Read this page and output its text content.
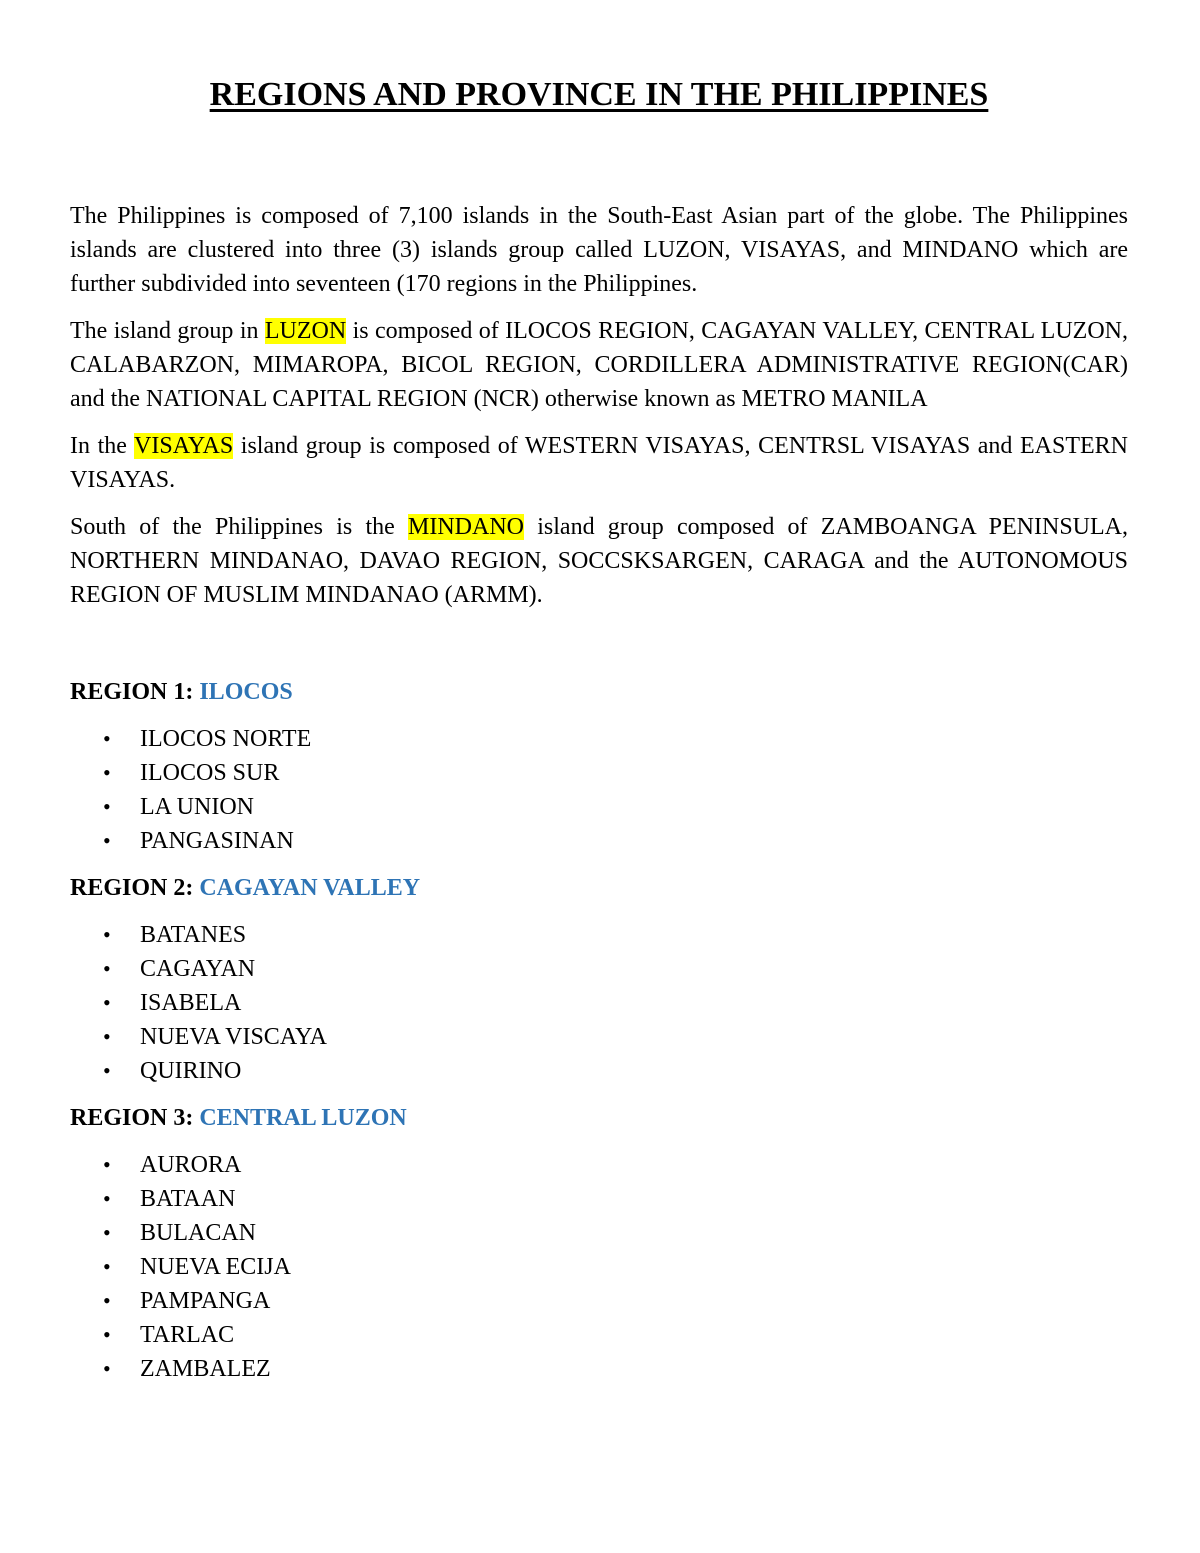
REGIONS AND PROVINCE IN THE PHILIPPINES

The Philippines is composed of 7,100 islands in the South-East Asian part of the globe. The Philippines islands are clustered into three (3) islands group called LUZON, VISAYAS, and MINDANO which are further subdivided into seventeen (170 regions in the Philippines.

The island group in LUZON is composed of ILOCOS REGION, CAGAYAN VALLEY, CENTRAL LUZON, CALABARZON, MIMAROPA, BICOL REGION, CORDILLERA ADMINISTRATIVE REGION(CAR) and the NATIONAL CAPITAL REGION (NCR) otherwise known as METRO MANILA

In the VISAYAS island group is composed of WESTERN VISAYAS, CENTRSL VISAYAS and EASTERN VISAYAS.

South of the Philippines is the MINDANO island group composed of ZAMBOANGA PENINSULA, NORTHERN MINDANAO, DAVAO REGION, SOCCSKSARGEN, CARAGA and the AUTONOMOUS REGION OF MUSLIM MINDANAO (ARMM).

REGION 1: ILOCOS
• ILOCOS NORTE
• ILOCOS SUR
• LA UNION
• PANGASINAN
REGION 2: CAGAYAN VALLEY
• BATANES
• CAGAYAN
• ISABELA
• NUEVA VISCAYA
• QUIRINO
REGION 3: CENTRAL LUZON
• AURORA
• BATAAN
• BULACAN
• NUEVA ECIJA
• PAMPANGA
• TARLAC
• ZAMBALEZ
